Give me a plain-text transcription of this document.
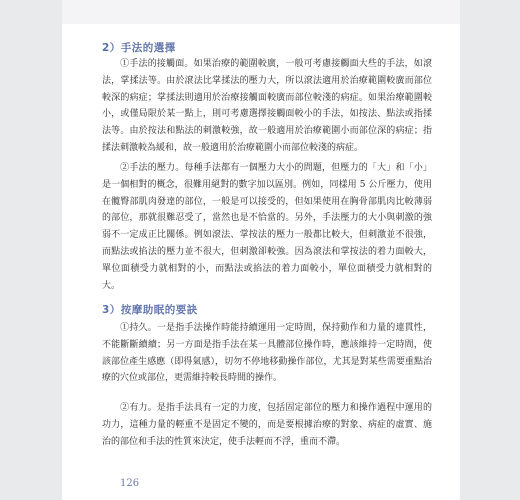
2）手法的選擇

①手法的接觸面。如果治療的範圍較廣，一般可考慮接觸面大些的手法，如滾法，掌揉法等。由於滾法比掌揉法的壓力大，所以滾法適用於治療範圍較廣而部位較深的病症；掌揉法則適用於治療接觸面較廣而部位較淺的病症。如果治療範圍較小，或僅局限於某一點上，則可考慮選擇接觸面較小的手法，如按法、點法或指揉法等。由於按法和點法的刺激較強，故一般適用於治療範圍小而部位深的病症；指揉法刺激較為緩和，故一般適用於治療範圍小而部位較淺的病症。

②手法的壓力。每種手法都有一個壓力大小的問題，但壓力的「大」和「小」是一個相對的概念，很難用絕對的數字加以區別。例如，同樣用 5 公斤壓力，使用在髖臀部肌肉發達的部位，一般是可以接受的，但如果使用在胸骨部肌肉比較薄弱的部位，那就很難忍受了，當然也是不恰當的。另外，手法壓力的大小與刺激的強弱不一定成正比關係。例如滾法、掌按法的壓力一般都比較大，但刺激並不很強，而點法或掐法的壓力並不很大，但刺激卻較強。因為滾法和掌按法的着力面較大，單位面積受力就相對的小，而點法或掐法的着力面較小，單位面積受力就相對的大。

3）按摩助眠的要訣

①持久。一是指手法操作時能持續運用一定時間，保持動作和力量的連貫性，不能斷斷續續；另一方面是指手法在某一具體部位操作時，應該維持一定時間，使該部位產生感應（即得氣感），切勿不停地移動操作部位，尤其是對某些需要重點治療的穴位或部位，更需維持較長時間的操作。

②有力。是指手法具有一定的力度，包括固定部位的壓力和操作過程中運用的功力，這種力量的輕重不是固定不變的，而是要根據治療的對象、病症的虛實、施治的部位和手法的性質來決定，使手法輕而不浮，重而不滯。

126
